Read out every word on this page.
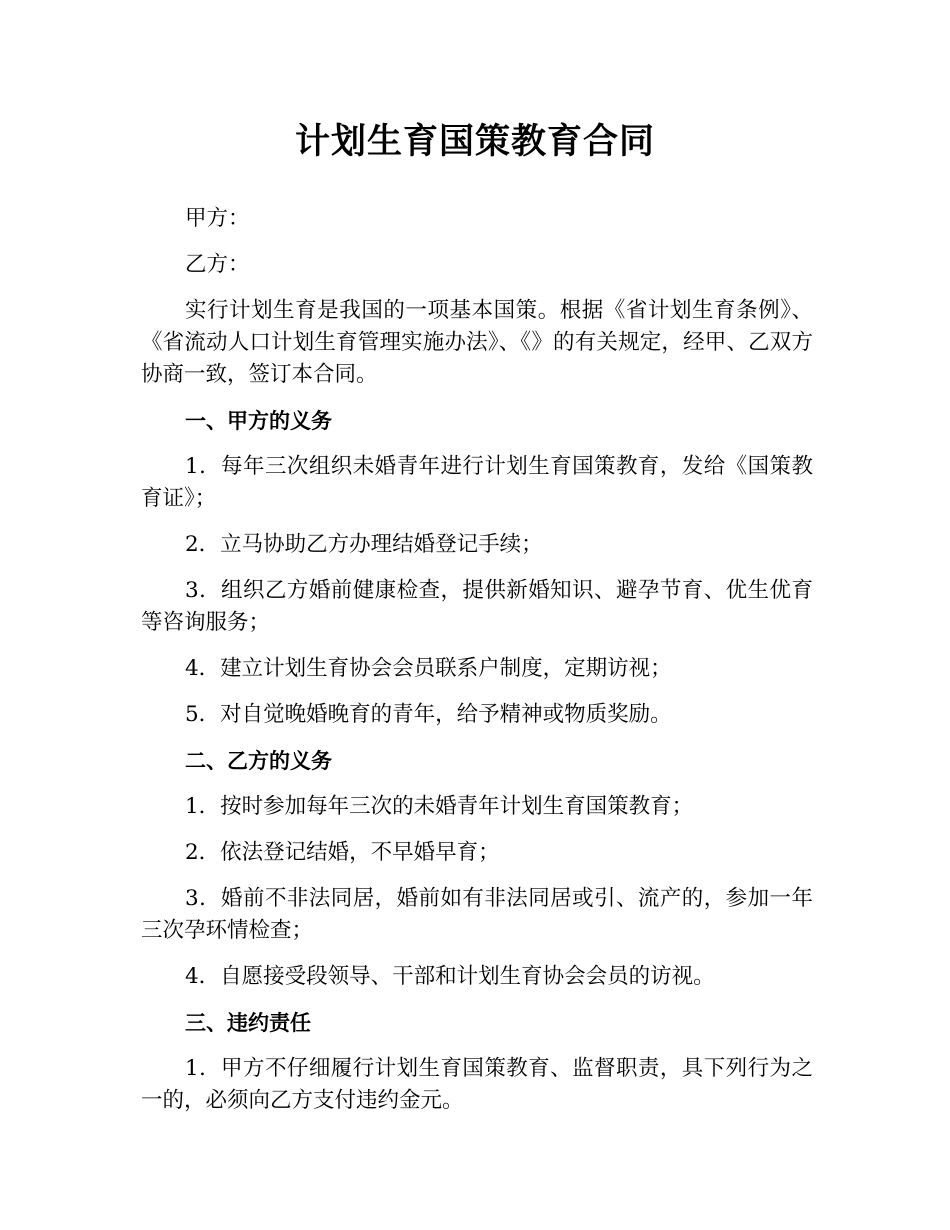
计划生育国策教育合同

甲方：

乙方：

实行计划生育是我国的一项基本国策。根据《省计划生育条例》、《省流动人口计划生育管理实施办法》、《》的有关规定，经甲、乙双方协商一致，签订本合同。

一、甲方的义务

1．每年三次组织未婚青年进行计划生育国策教育，发给《国策教育证》；

2．立马协助乙方办理结婚登记手续；

3．组织乙方婚前健康检查，提供新婚知识、避孕节育、优生优育等咨询服务；

4．建立计划生育协会会员联系户制度，定期访视；

5．对自觉晚婚晚育的青年，给予精神或物质奖励。

二、乙方的义务

1．按时参加每年三次的未婚青年计划生育国策教育；

2．依法登记结婚，不早婚早育；

3．婚前不非法同居，婚前如有非法同居或引、流产的，参加一年三次孕环情检查；

4．自愿接受段领导、干部和计划生育协会会员的访视。

三、违约责任

1．甲方不仔细履行计划生育国策教育、监督职责，具下列行为之一的，必须向乙方支付违约金元。
